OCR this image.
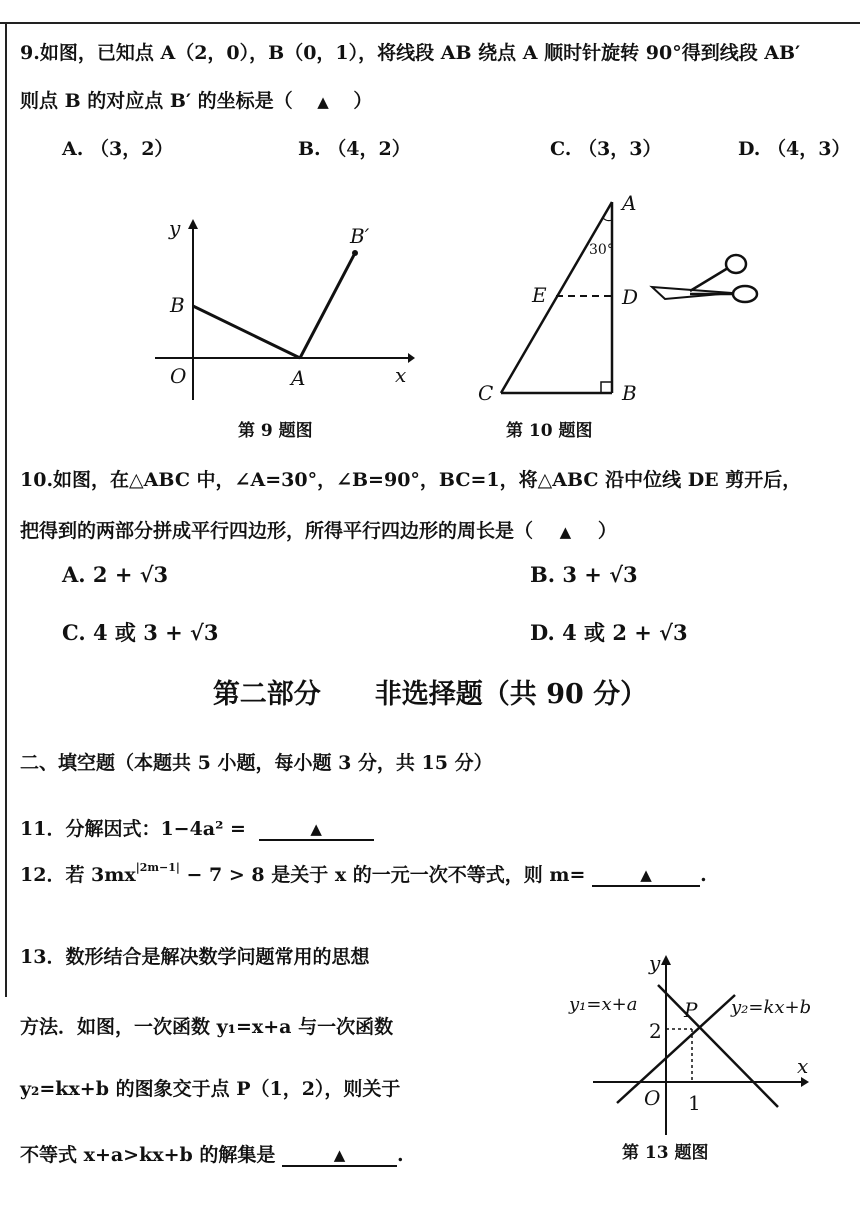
9.如图，已知点 A（2，0），B（0，1），将线段 AB 绕点 A 顺时针旋转 90°得到线段 AB′
则点 B 的对应点 B′ 的坐标是（ ▲ ）
A. （3，2）	B. （4，2）	C. （3，3）	D. （4，3）
y
x
O	A
B
B′
第 9 题图
A
B
C
D
E
30°
第 10 题图
10.如图，在△ABC 中，∠A=30°，∠B=90°，BC=1，将△ABC 沿中位线 DE 剪开后，
把得到的两部分拼成平行四边形，所得平行四边形的周长是（ ▲ ）
A. 2 + √3	B. 3 + √3
C. 4 或 3 + √3	D. 4 或 2 + √3
第二部分　　非选择题（共 90 分）
二、填空题（本题共 5 小题，每小题 3 分，共 15 分）
11．分解因式：1−4a² =	▲
12．若 $3mx^{|2m-1|} - 7 > 8$ 是关于 x 的一元一次不等式，则 m=	▲	.
13．数形结合是解决数学问题常用的思想
方法．如图，一次函数 y₁=x+a 与一次函数
y₂=kx+b 的图象交于点 P（1，2），则关于
不等式 x+a>kx+b 的解集是	▲	.
y
x
O
P
2
1
y₁=x+a	y₂=kx+b
第 13 题图
